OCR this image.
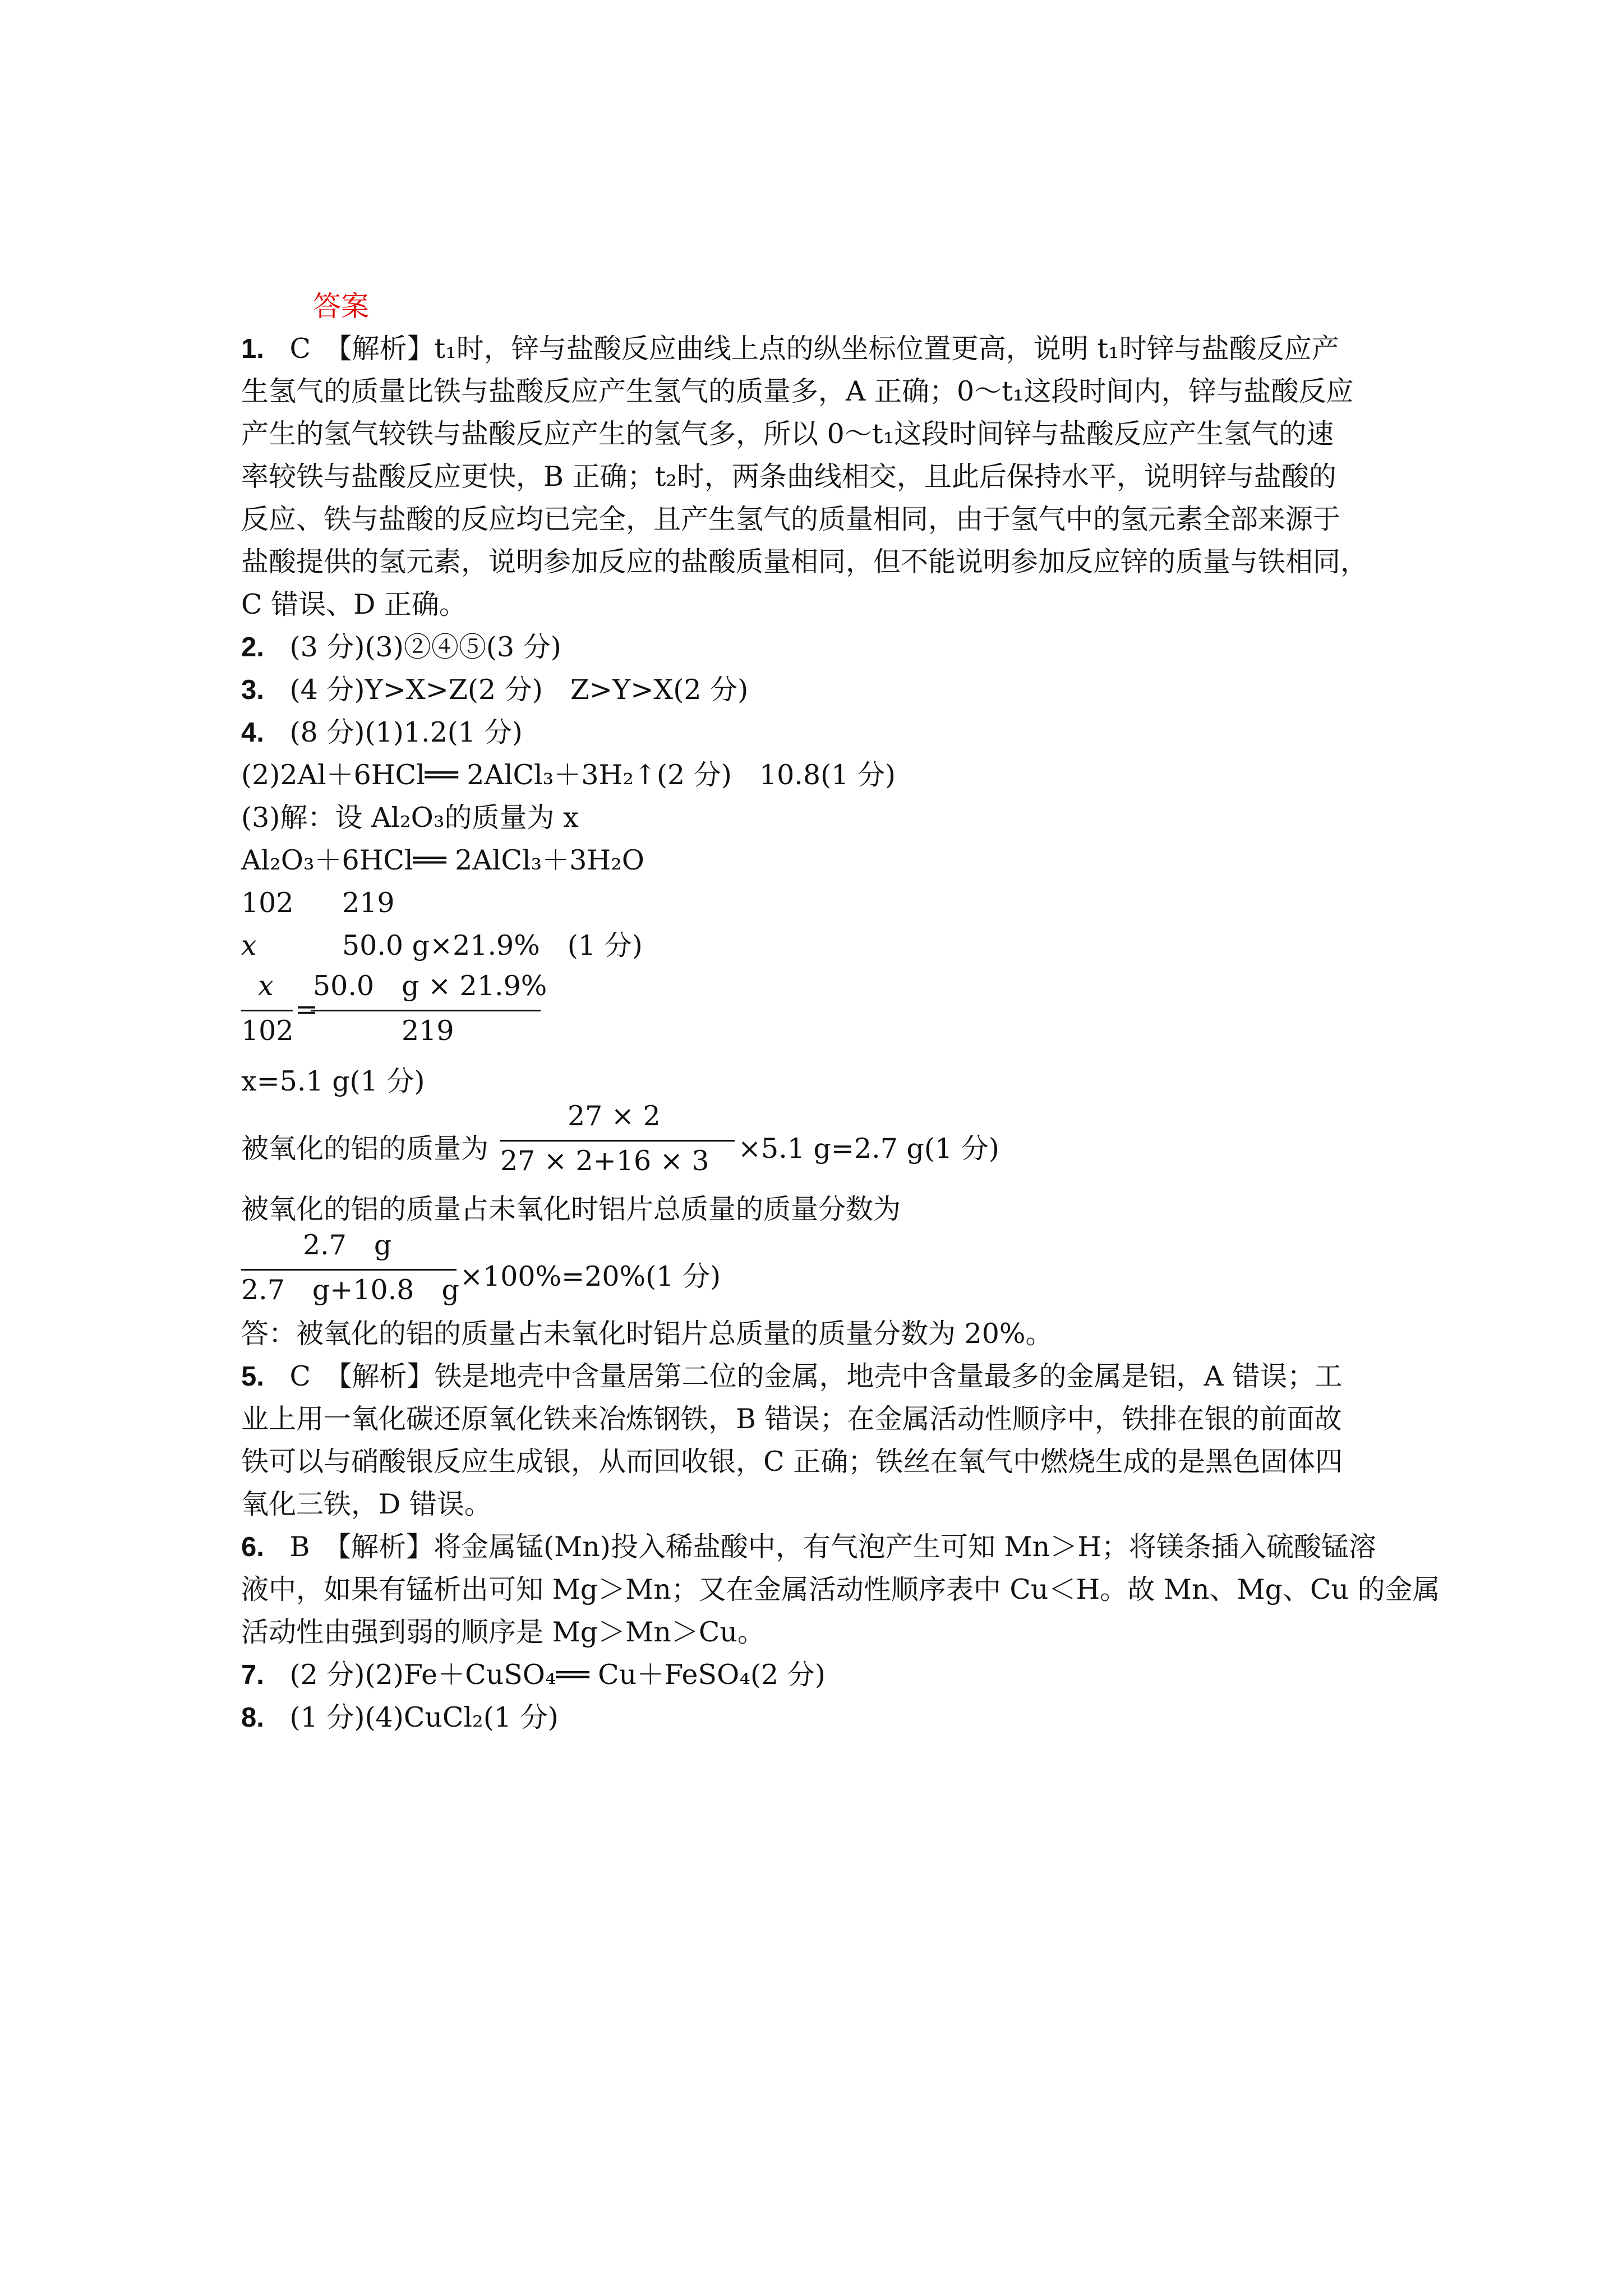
答案
1. C　【解析】t₁时，锌与盐酸反应曲线上点的纵坐标位置更高，说明 t₁时锌与盐酸反应产
生氢气的质量比铁与盐酸反应产生氢气的质量多，A 正确；0～t₁这段时间内，锌与盐酸反应
产生的氢气较铁与盐酸反应产生的氢气多，所以 0～t₁这段时间锌与盐酸反应产生氢气的速
率较铁与盐酸反应更快，B 正确；t₂时，两条曲线相交，且此后保持水平，说明锌与盐酸的
反应、铁与盐酸的反应均已完全，且产生氢气的质量相同，由于氢气中的氢元素全部来源于
盐酸提供的氢元素，说明参加反应的盐酸质量相同，但不能说明参加反应锌的质量与铁相同，
C 错误、D 正确。
2. (3 分)(3)②④⑤(3 分)
3. (4 分)Y>X>Z(2 分)　Z>Y>X(2 分)
4. (8 分)(1)1.2(1 分)
(2)2Al＋6HCl══ 2AlCl₃＋3H₂↑(2 分)　10.8(1 分)
(3)解：设 Al₂O₃的质量为 x
Al₂O₃＋6HCl══ 2AlCl₃＋3H₂O
102 219
x	50.0 g×21.9%　(1 分)
x
102
=
50.0　g × 21.9%
219
x=5.1 g(1 分)
被氧化的铝的质量为
27 × 2
27 × 2+16 × 3 ×5.1 g=2.7 g(1 分)
被氧化的铝的质量占未氧化时铝片总质量的质量分数为
2.7　g
2.7　g+10.8　g ×100%=20%(1 分)
答：被氧化的铝的质量占未氧化时铝片总质量的质量分数为 20%。
5. C　【解析】铁是地壳中含量居第二位的金属，地壳中含量最多的金属是铝，A 错误；工
业上用一氧化碳还原氧化铁来冶炼钢铁，B 错误；在金属活动性顺序中，铁排在银的前面故
铁可以与硝酸银反应生成银，从而回收银，C 正确；铁丝在氧气中燃烧生成的是黑色固体四
氧化三铁，D 错误。
6. B　【解析】将金属锰(Mn)投入稀盐酸中，有气泡产生可知 Mn＞H；将镁条插入硫酸锰溶
液中，如果有锰析出可知 Mg＞Mn；又在金属活动性顺序表中 Cu＜H。故 Mn、Mg、Cu 的金属
活动性由强到弱的顺序是 Mg＞Mn＞Cu。
7. (2 分)(2)Fe＋CuSO₄══ Cu＋FeSO₄(2 分)
8. (1 分)(4)CuCl₂(1 分)
